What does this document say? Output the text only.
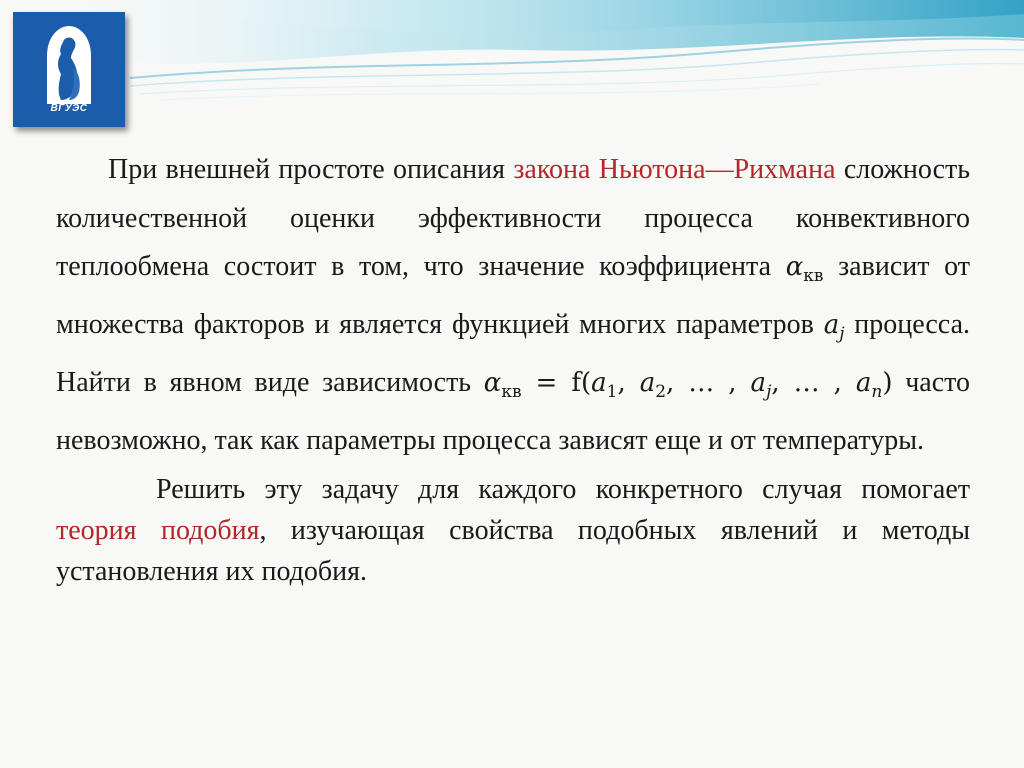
ВГУЭС

При внешней простоте описания закона Ньютона—Рихмана сложность количественной оценки эффективности процесса конвективного теплообмена состоит в том, что значение коэффициента $\alpha_{кв}$ зависит от множества факторов и является функцией многих параметров $a_j$ процесса. Найти в явном виде зависимость $\alpha_{кв} = f(a_1$, $a_2$, … , $a_j$, … , $a_n$) часто невозможно, так как параметры процесса зависят еще и от температуры.

Решить эту задачу для каждого конкретного случая помогает теория подобия, изучающая свойства подобных явлений и методы установления их подобия.
